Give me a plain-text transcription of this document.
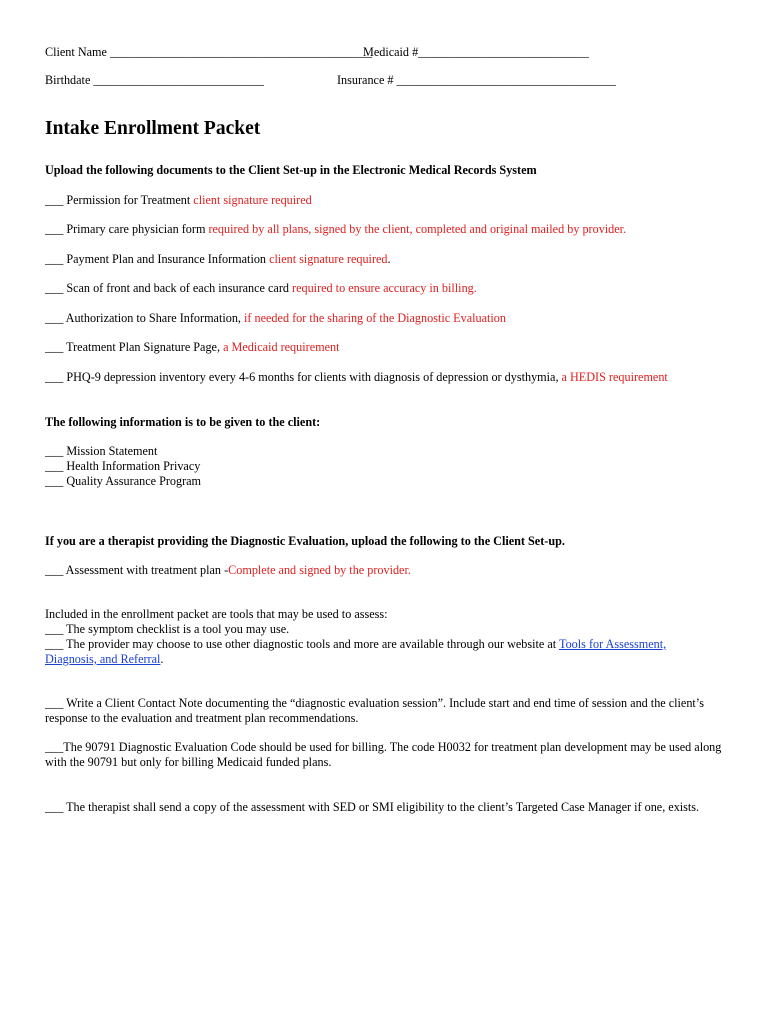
Client Name ___________________________________________
Medicaid #____________________________
Birthdate ____________________________	Insurance # ____________________________________
Intake Enrollment Packet
Upload the following documents to the Client Set-up in the Electronic Medical Records System
___ Permission for Treatment client signature required
___ Primary care physician form required by all plans, signed by the client, completed and original mailed by provider.
___ Payment Plan and Insurance Information client signature required.
___ Scan of front and back of each insurance card required to ensure accuracy in billing.
___ Authorization to Share Information, if needed for the sharing of the Diagnostic Evaluation
___ Treatment Plan Signature Page, a Medicaid requirement
___ PHQ-9 depression inventory every 4-6 months for clients with diagnosis of depression or dysthymia, a HEDIS requirement
The following information is to be given to the client:
___ Mission Statement
___ Health Information Privacy
___ Quality Assurance Program
If you are a therapist providing the Diagnostic Evaluation, upload the following to the Client Set-up.
___ Assessment with treatment plan -Complete and signed by the provider.
Included in the enrollment packet are tools that may be used to assess:
___ The symptom checklist is a tool you may use.
___ The provider may choose to use other diagnostic tools and more are available through our website at Tools for Assessment,
Diagnosis, and Referral.
___ Write a Client Contact Note documenting the “diagnostic evaluation session”. Include start and end time of session and the client’s response to the evaluation and treatment plan recommendations.
___The 90791 Diagnostic Evaluation Code should be used for billing. The code H0032 for treatment plan development may be used along with the 90791 but only for billing Medicaid funded plans.
___ The therapist shall send a copy of the assessment with SED or SMI eligibility to the client’s Targeted Case Manager if one, exists.
